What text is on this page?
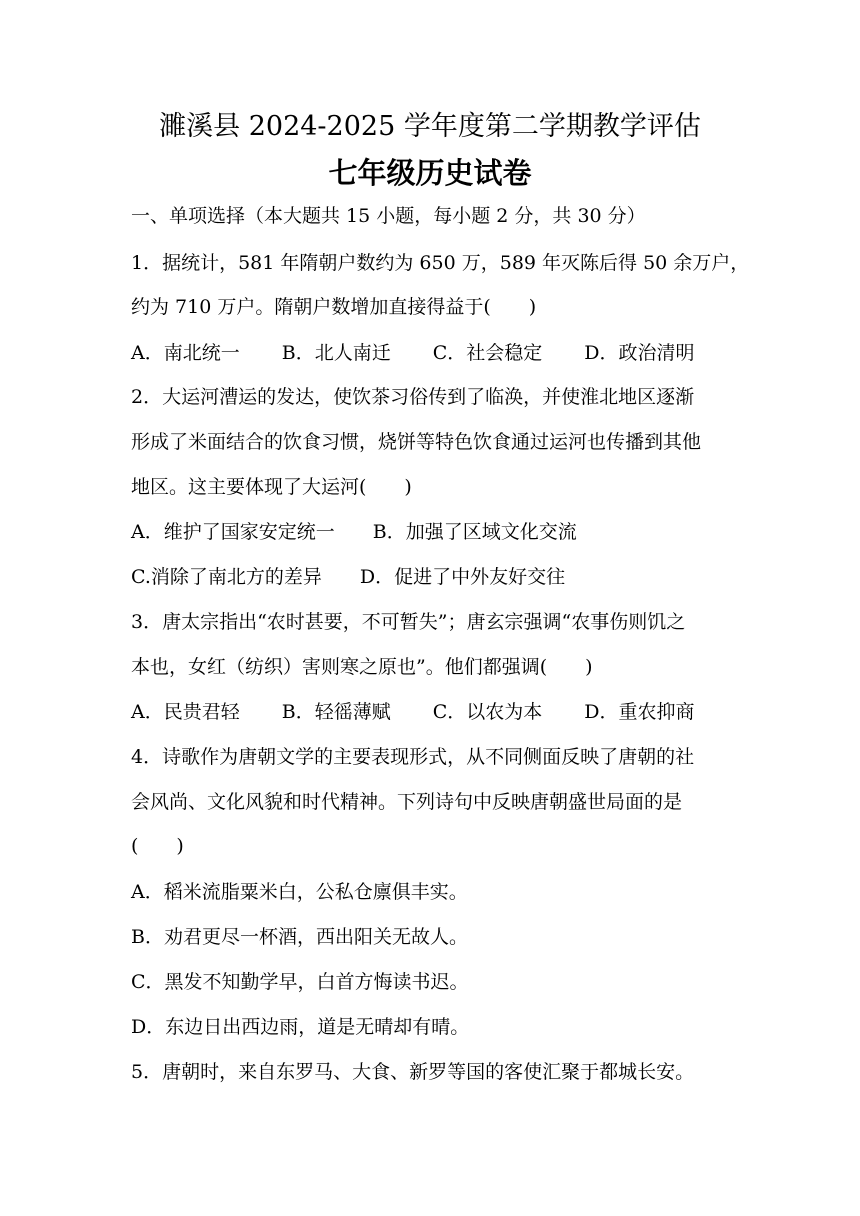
濉溪县 2024-2025 学年度第二学期教学评估
七年级历史试卷
一、单项选择（本大题共 15 小题，每小题 2 分，共 30 分）
1．据统计，581 年隋朝户数约为 650 万，589 年灭陈后得 50 余万户，
约为 710 万户。隋朝户数增加直接得益于(　　)
A．南北统一 B．北人南迁 C．社会稳定 D．政治清明
2．大运河漕运的发达，使饮茶习俗传到了临涣，并使淮北地区逐渐
形成了米面结合的饮食习惯，烧饼等特色饮食通过运河也传播到其他
地区。这主要体现了大运河(　　)
A．维护了国家安定统一 B．加强了区域文化交流
C.消除了南北方的差异 D．促进了中外友好交往
3．唐太宗指出“农时甚要，不可暂失”；唐玄宗强调“农事伤则饥之
本也，女红（纺织）害则寒之原也”。他们都强调(　　)
A．民贵君轻 B．轻徭薄赋 C．以农为本 D．重农抑商
4．诗歌作为唐朝文学的主要表现形式，从不同侧面反映了唐朝的社
会风尚、文化风貌和时代精神。下列诗句中反映唐朝盛世局面的是
(　　)
A．稻米流脂粟米白，公私仓廪俱丰实。
B．劝君更尽一杯酒，西出阳关无故人。
C．黑发不知勤学早，白首方悔读书迟。
D．东边日出西边雨，道是无晴却有晴。
5．唐朝时，来自东罗马、大食、新罗等国的客使汇聚于都城长安。
